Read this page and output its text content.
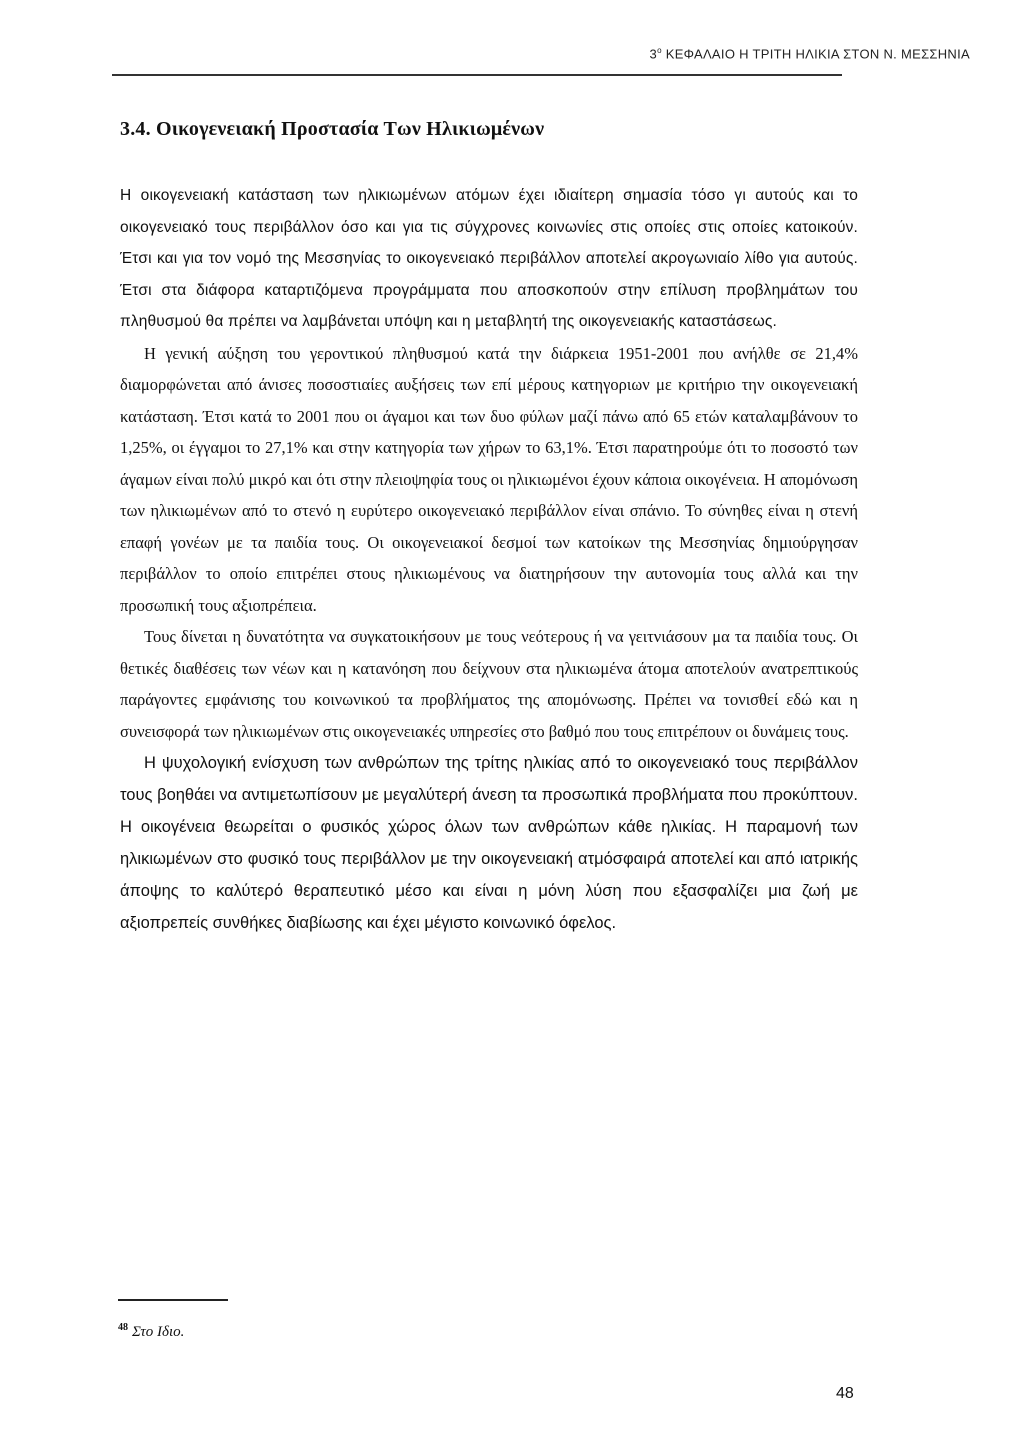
$3^o$ ΚΕΦΑΛΑΙΟ Η ΤΡΙΤΗ ΗΛΙΚΙΑ ΣΤΟΝ Ν. ΜΕΣΣΗΝΙΑ
3.4. Οικογενειακή Προστασία Των Ηλικιωμένων

Η οικογενειακή κατάσταση των ηλικιωμένων ατόμων έχει ιδιαίτερη σημασία τόσο γι αυτούς και το οικογενειακό τους περιβάλλον όσο και για τις σύγχρονες κοινωνίες στις οποίες στις οποίες κατοικούν. Έτσι και για τον νομό της Μεσσηνίας το οικογενειακό περιβάλλον αποτελεί ακρογωνιαίο λίθο για αυτούς. Έτσι στα διάφορα καταρτιζόμενα προγράμματα που αποσκοπούν στην επίλυση προβλημάτων του πληθυσμού θα πρέπει να λαμβάνεται υπόψη και η μεταβλητή της οικογενειακής καταστάσεως.

Η γενική αύξηση του γεροντικού πληθυσμού κατά την διάρκεια 1951-2001 που ανήλθε σε 21,4% διαμορφώνεται από άνισες ποσοστιαίες αυξήσεις των επί μέρους κατηγοριων με κριτήριο την οικογενειακή κατάσταση. Έτσι κατά το 2001 που οι άγαμοι και των δυο φύλων μαζί πάνω από 65 ετών καταλαμβάνουν το 1,25%, οι έγγαμοι το 27,1% και στην κατηγορία των χήρων το 63,1%. Έτσι παρατηρούμε ότι το ποσοστό των άγαμων είναι πολύ μικρό και ότι στην πλειοψηφία τους οι ηλικιωμένοι έχουν κάποια οικογένεια. Η απομόνωση των ηλικιωμένων από το στενό η ευρύτερο οικογενειακό περιβάλλον είναι σπάνιο. Το σύνηθες είναι η στενή επαφή γονέων με τα παιδία τους. Οι οικογενειακοί δεσμοί των κατοίκων της Μεσσηνίας δημιούργησαν περιβάλλον το οποίο επιτρέπει στους ηλικιωμένους να διατηρήσουν την αυτονομία τους αλλά και την προσωπική τους αξιοπρέπεια.

Τους δίνεται η δυνατότητα να συγκατοικήσουν με τους νεότερους ή να γειτνιάσουν μα τα παιδία τους. Οι θετικές διαθέσεις των νέων και η κατανόηση που δείχνουν στα ηλικιωμένα άτομα αποτελούν ανατρεπτικούς παράγοντες εμφάνισης του κοινωνικού τα προβλήματος της απομόνωσης. Πρέπει να τονισθεί εδώ και η συνεισφορά των ηλικιωμένων στις οικογενειακές υπηρεσίες στο βαθμό που τους επιτρέπουν οι δυνάμεις τους.

Η ψυχολογική ενίσχυση των ανθρώπων της τρίτης ηλικίας από το οικογενειακό τους περιβάλλον τους βοηθάει να αντιμετωπίσουν με μεγαλύτερή άνεση τα προσωπικά προβλήματα που προκύπτουν. Η οικογένεια θεωρείται ο φυσικός χώρος όλων των ανθρώπων κάθε ηλικίας. Η παραμονή των ηλικιωμένων στο φυσικό τους περιβάλλον με την οικογενειακή ατμόσφαιρά αποτελεί και από ιατρικής άποψης το καλύτερό θεραπευτικό μέσο και είναι η μόνη λύση που εξασφαλίζει μια ζωή με αξιοπρεπείς συνθήκες διαβίωσης και έχει μέγιστο κοινωνικό όφελος.

$^{48}$ Στο Ιδιο.
48
